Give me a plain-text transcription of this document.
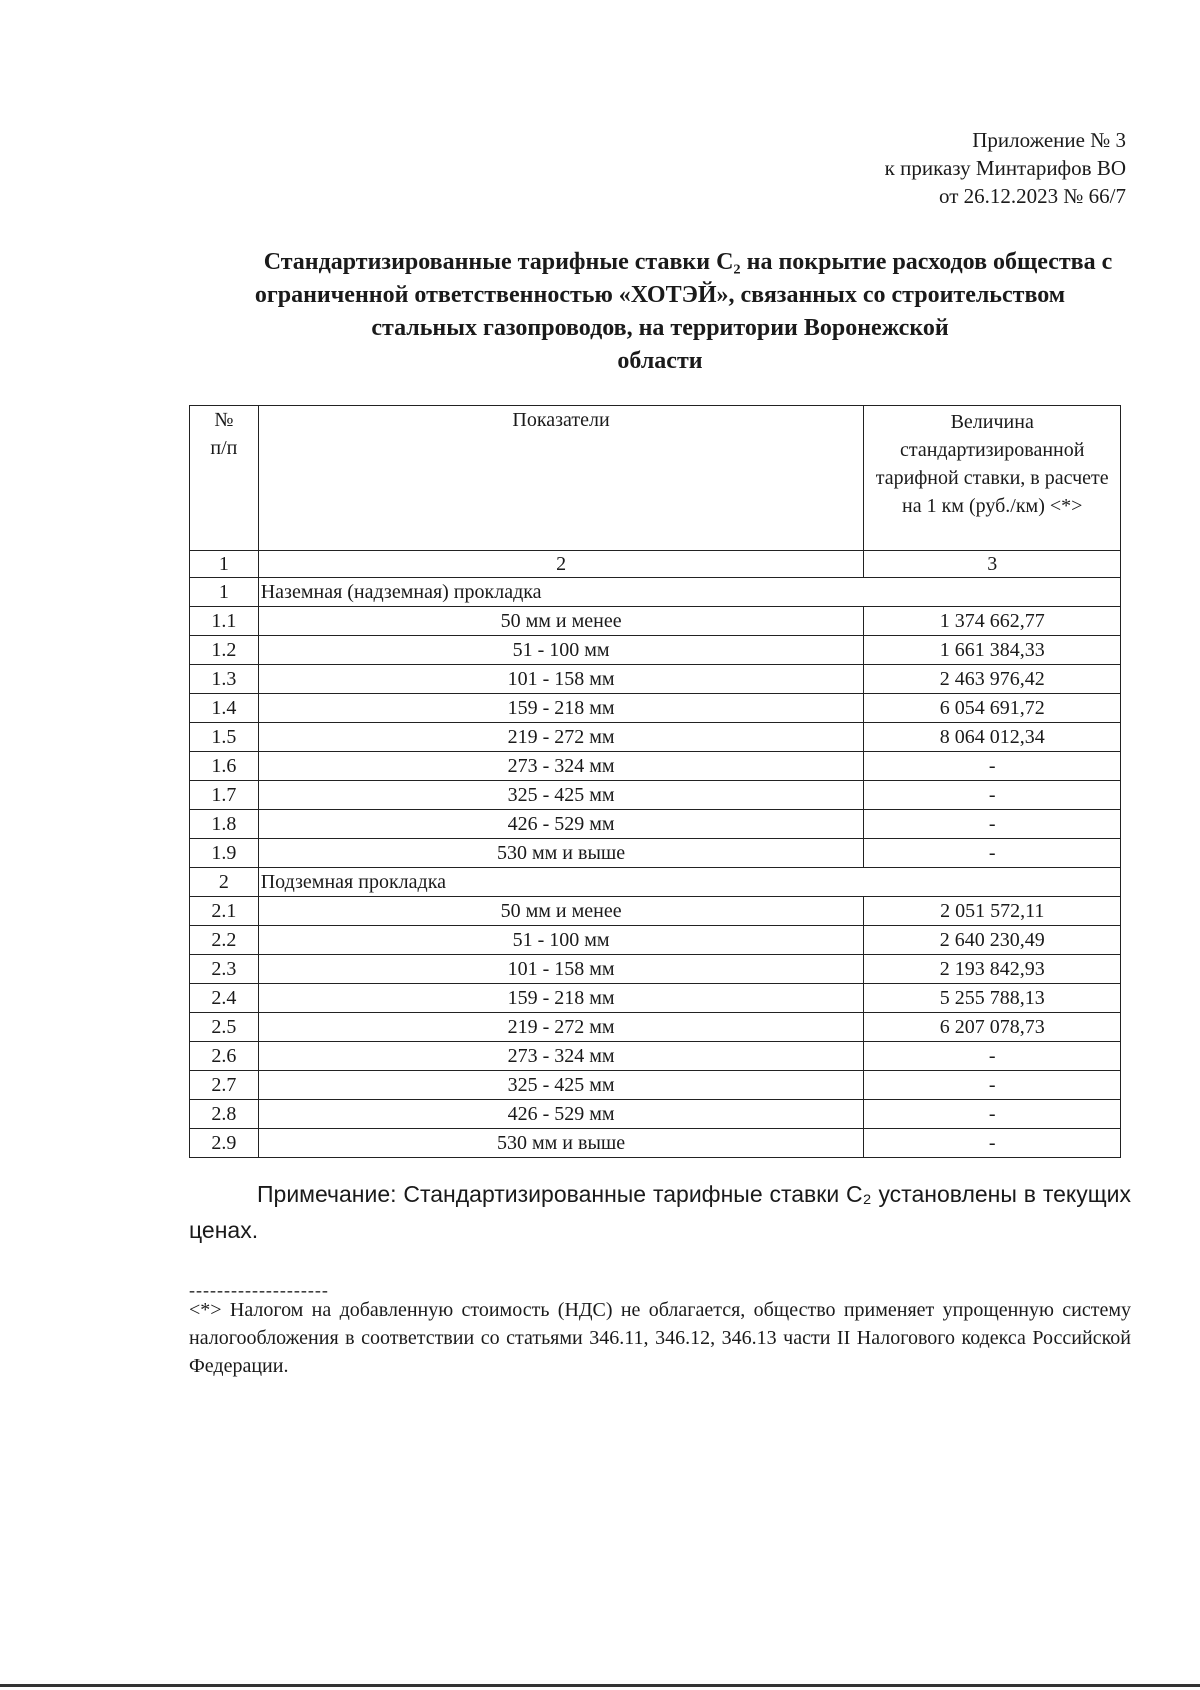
Приложение № 3
к приказу Минтарифов ВО
от 26.12.2023 № 66/7
Стандартизированные тарифные ставки С₂ на покрытие расходов общества с ограниченной ответственностью «ХОТЭЙ», связанных со строительством стальных газопроводов, на территории Воронежской
области
№
п/п	Показатели	Величина стандартизированной тарифной ставки, в расчете на 1 км (руб./км) <*>
1	2	3
1	Наземная (надземная) прокладка	
1.1	50 мм и менее	1 374 662,77
1.2	51 - 100 мм	1 661 384,33
1.3	101 - 158 мм	2 463 976,42
1.4	159 - 218 мм	6 054 691,72
1.5	219 - 272 мм	8 064 012,34
1.6	273 - 324 мм	-
1.7	325 - 425 мм	-
1.8	426 - 529 мм	-
1.9	530 мм и выше	-
2	Подземная прокладка	
2.1	50 мм и менее	2 051 572,11
2.2	51 - 100 мм	2 640 230,49
2.3	101 - 158 мм	2 193 842,93
2.4	159 - 218 мм	5 255 788,13
2.5	219 - 272 мм	6 207 078,73
2.6	273 - 324 мм	-
2.7	325 - 425 мм	-
2.8	426 - 529 мм	-
2.9	530 мм и выше	-
Примечание: Стандартизированные тарифные ставки С₂ установлены в текущих ценах.
--------------------
<*> Налогом на добавленную стоимость (НДС) не облагается, общество применяет упрощенную систему налогообложения в соответствии со статьями 346.11, 346.12, 346.13 части II Налогового кодекса Российской Федерации.
